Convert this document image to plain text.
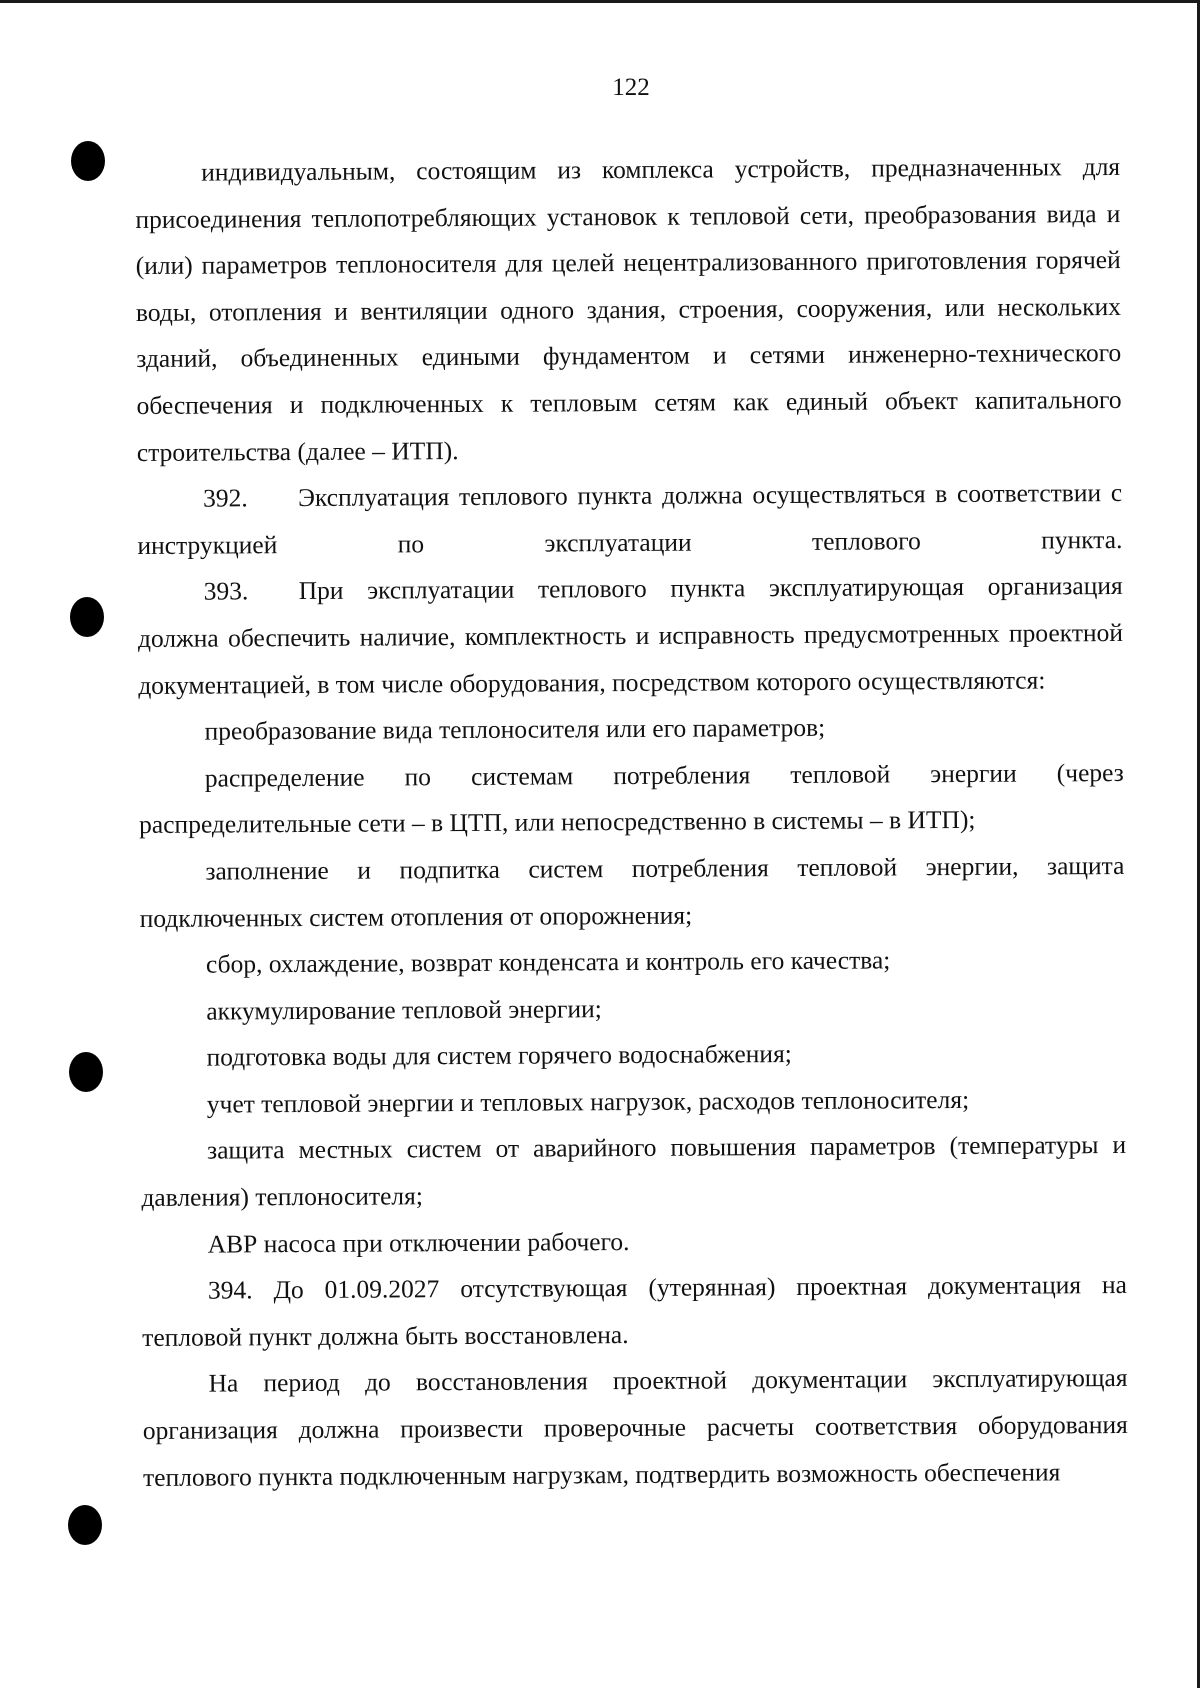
122

индивидуальным, состоящим из комплекса устройств, предназначенных для присоединения теплопотребляющих установок к тепловой сети, преобразования вида и (или) параметров теплоносителя для целей нецентрализованного приготовления горячей воды, отопления и вентиляции одного здания, строения, сооружения, или нескольких зданий, объединенных едиными фундаментом и сетями инженерно-технического обеспечения и подключенных к тепловым сетям как единый объект капитального строительства (далее – ИТП).

392. Эксплуатация теплового пункта должна осуществляться в соответствии с инструкцией по эксплуатации теплового пункта.

393. При эксплуатации теплового пункта эксплуатирующая организация должна обеспечить наличие, комплектность и исправность предусмотренных проектной документацией, в том числе оборудования, посредством которого осуществляются:

преобразование вида теплоносителя или его параметров;

распределение по системам потребления тепловой энергии (через распределительные сети – в ЦТП, или непосредственно в системы – в ИТП);

заполнение и подпитка систем потребления тепловой энергии, защита подключенных систем отопления от опорожнения;

сбор, охлаждение, возврат конденсата и контроль его качества;

аккумулирование тепловой энергии;

подготовка воды для систем горячего водоснабжения;

учет тепловой энергии и тепловых нагрузок, расходов теплоносителя;

защита местных систем от аварийного повышения параметров (температуры и давления) теплоносителя;

АВР насоса при отключении рабочего.

394. До 01.09.2027 отсутствующая (утерянная) проектная документация на тепловой пункт должна быть восстановлена.

На период до восстановления проектной документации эксплуатирующая организация должна произвести проверочные расчеты соответствия оборудования теплового пункта подключенным нагрузкам, подтвердить возможность обеспечения
